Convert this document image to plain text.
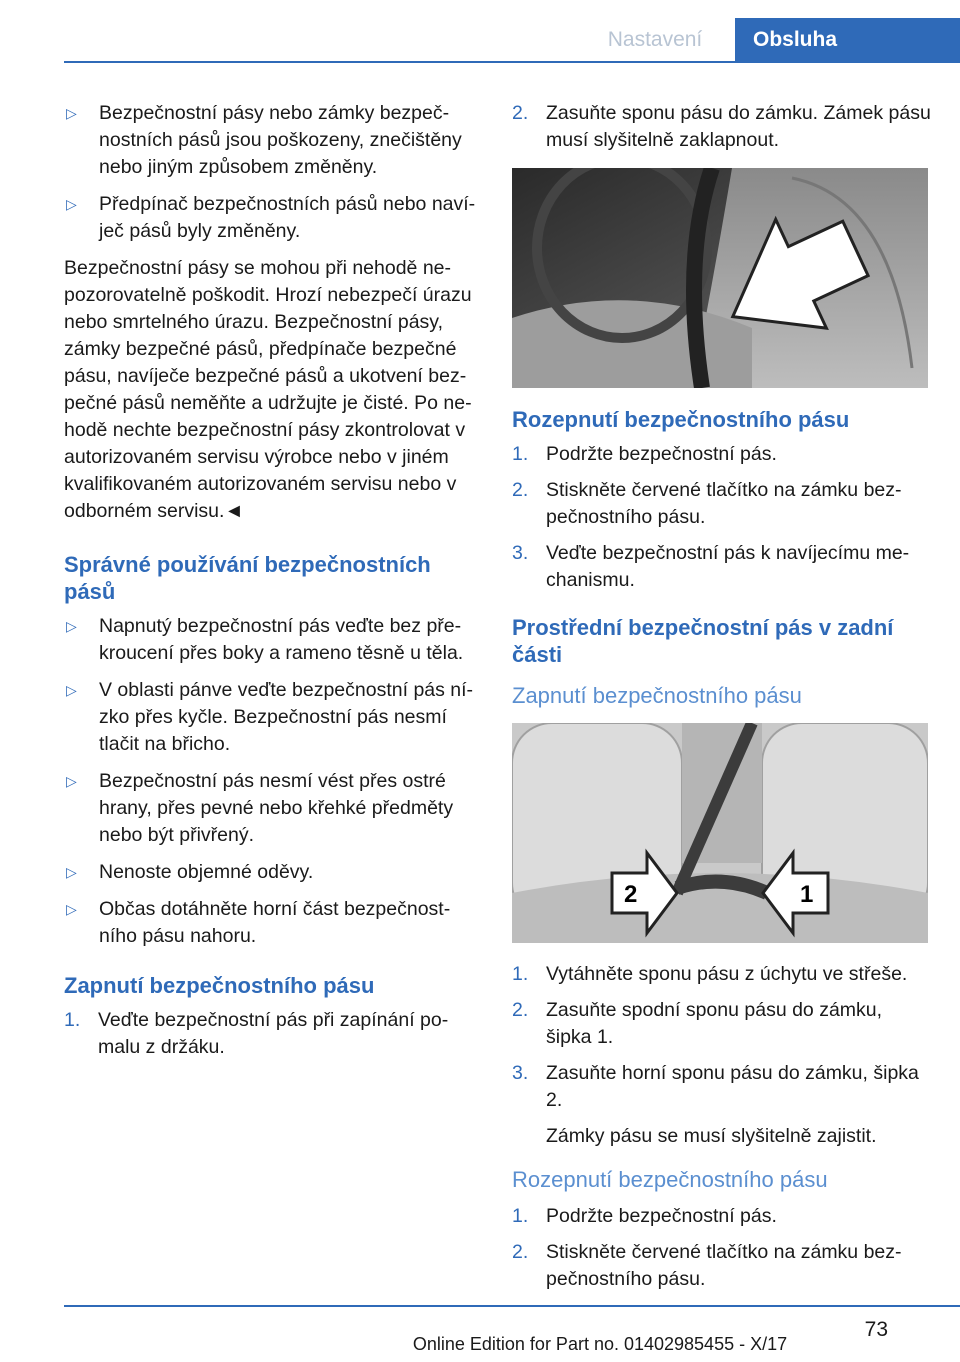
Nastavení	Obsluha
▷	Bezpečnostní pásy nebo zámky bezpeč‐nostních pásů jsou poškozeny, znečištěny nebo jiným způsobem změněny.
▷	Předpínač bezpečnostních pásů nebo naví‐ječ pásů byly změněny.
Bezpečnostní pásy se mohou při nehodě ne‐pozorovatelně poškodit. Hrozí nebezpečí úrazu nebo smrtelného úrazu. Bezpečnostní pásy, zámky bezpečné pásů, předpínače bezpečné pásu, navíječe bezpečné pásů a ukotvení bez‐pečné pásů neměňte a udržujte je čisté. Po ne‐hodě nechte bezpečnostní pásy zkontrolovat v autorizovaném servisu výrobce nebo v jiném kvalifikovaném autorizovaném servisu nebo v odborném servisu.◄
Správné používání bezpečnostních pásů
▷	Napnutý bezpečnostní pás veďte bez pře‐kroucení přes boky a rameno těsně u těla.
▷	V oblasti pánve veďte bezpečnostní pás ní‐zko přes kyčle. Bezpečnostní pás nesmí tlačit na břicho.
▷	Bezpečnostní pás nesmí vést přes ostré hrany, přes pevné nebo křehké předměty nebo být přivřený.
▷	Nenoste objemné oděvy.
▷	Občas dotáhněte horní část bezpečnost‐ního pásu nahoru.
Zapnutí bezpečnostního pásu
1. Veďte bezpečnostní pás při zapínání po‐malu z držáku.
2. Zasuňte sponu pásu do zámku. Zámek pásu musí slyšitelně zaklapnout.
Rozepnutí bezpečnostního pásu
1. Podržte bezpečnostní pás.
2. Stiskněte červené tlačítko na zámku bez‐pečnostního pásu.
3. Veďte bezpečnostní pás k navíjecímu me‐chanismu.
Prostřední bezpečnostní pás v zadní části
Zapnutí bezpečnostního pásu
2	1
1. Vytáhněte sponu pásu z úchytu ve střeše.
2. Zasuňte spodní sponu pásu do zámku, šipka 1.
3. Zasuňte horní sponu pásu do zámku, šipka 2.
Zámky pásu se musí slyšitelně zajistit.
Rozepnutí bezpečnostního pásu
1. Podržte bezpečnostní pás.
2. Stiskněte červené tlačítko na zámku bez‐pečnostního pásu.
73
Online Edition for Part no. 01402985455 - X/17
